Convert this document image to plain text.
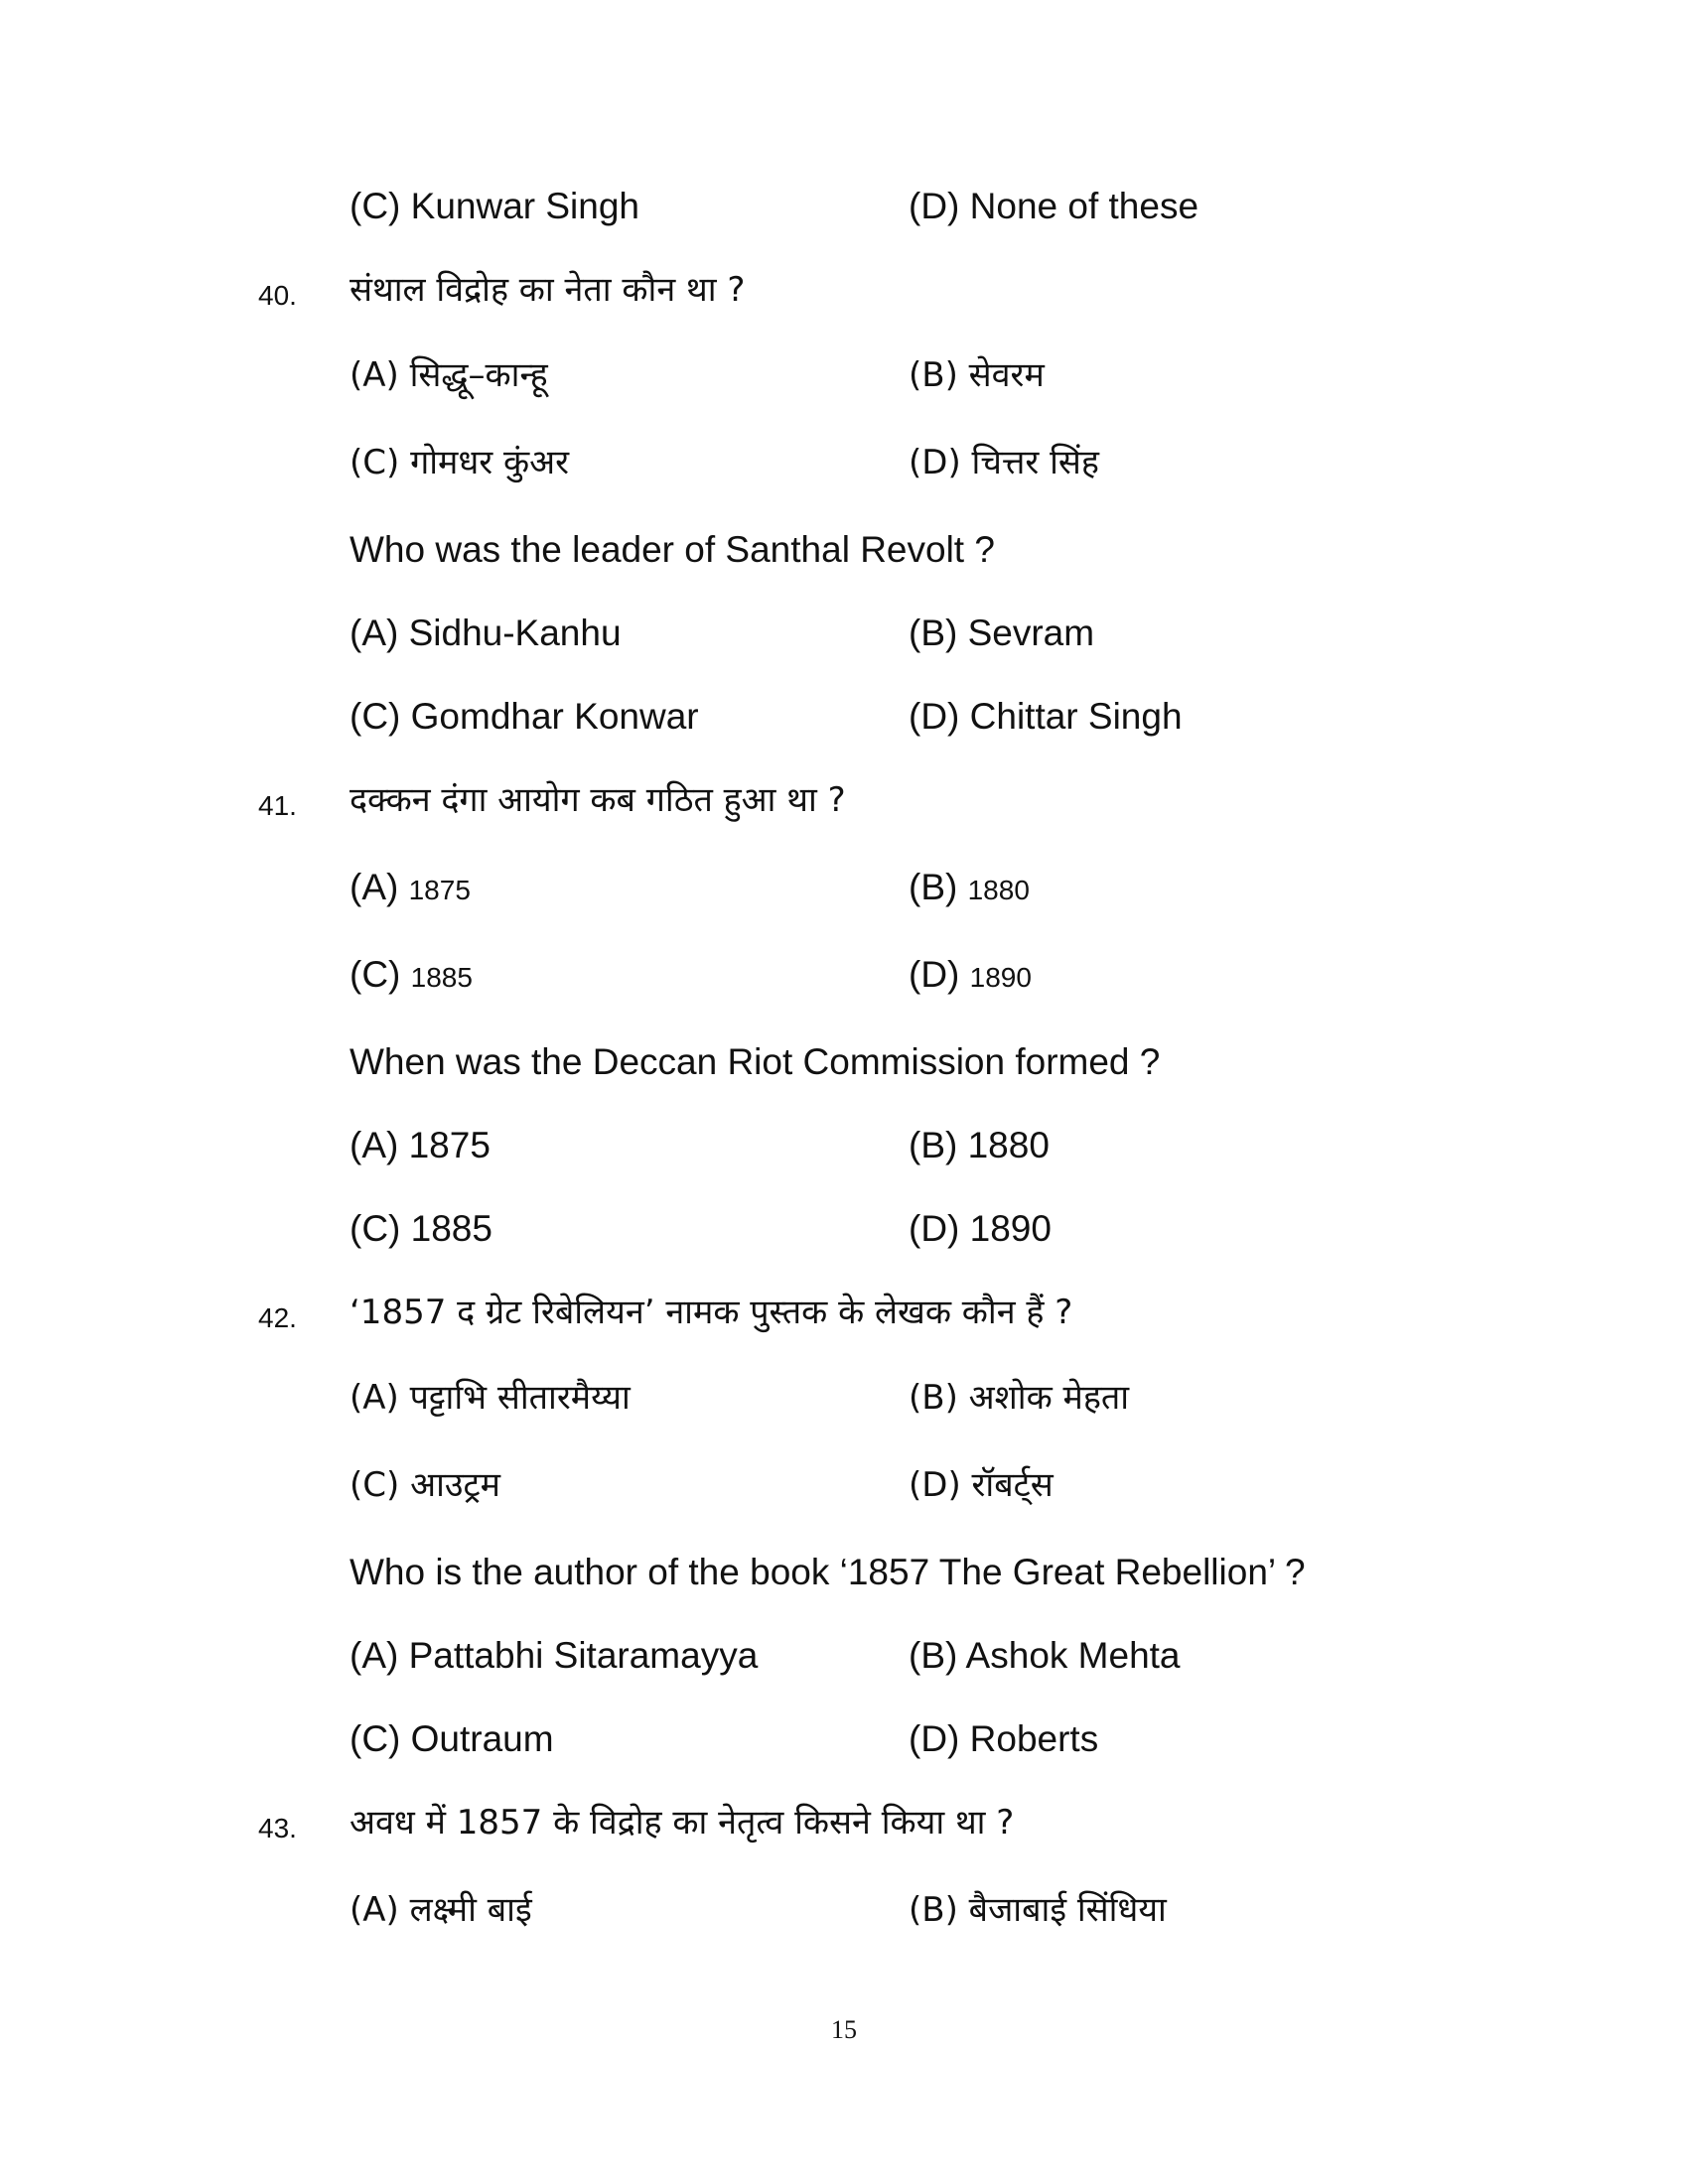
(C) Kunwar Singh	(D) None of these
40. संथाल विद्रोह का नेता कौन था ?
(A) सिद्धू–कान्हू	(B) सेवरम
(C) गोमधर कुंअर	(D) चित्तर सिंह
Who was the leader of Santhal Revolt ?
(A) Sidhu-Kanhu	(B) Sevram
(C) Gomdhar Konwar	(D) Chittar Singh
41. दक्कन दंगा आयोग कब गठित हुआ था ?
(A) 1875	(B) 1880
(C) 1885	(D) 1890
When was the Deccan Riot Commission formed ?
(A) 1875	(B) 1880
(C) 1885	(D) 1890
42. ‘1857 द ग्रेट रिबेलियन’ नामक पुस्तक के लेखक कौन हैं ?
(A) पट्टाभि सीतारमैय्या	(B) अशोक मेहता
(C) आउट्रम	(D) रॉबर्ट्स
Who is the author of the book ‘1857 The Great Rebellion’ ?
(A) Pattabhi Sitaramayya	(B) Ashok Mehta
(C) Outraum	(D) Roberts
43. अवध में 1857 के विद्रोह का नेतृत्व किसने किया था ?
(A) लक्ष्मी बाई	(B) बैजाबाई सिंधिया
15
